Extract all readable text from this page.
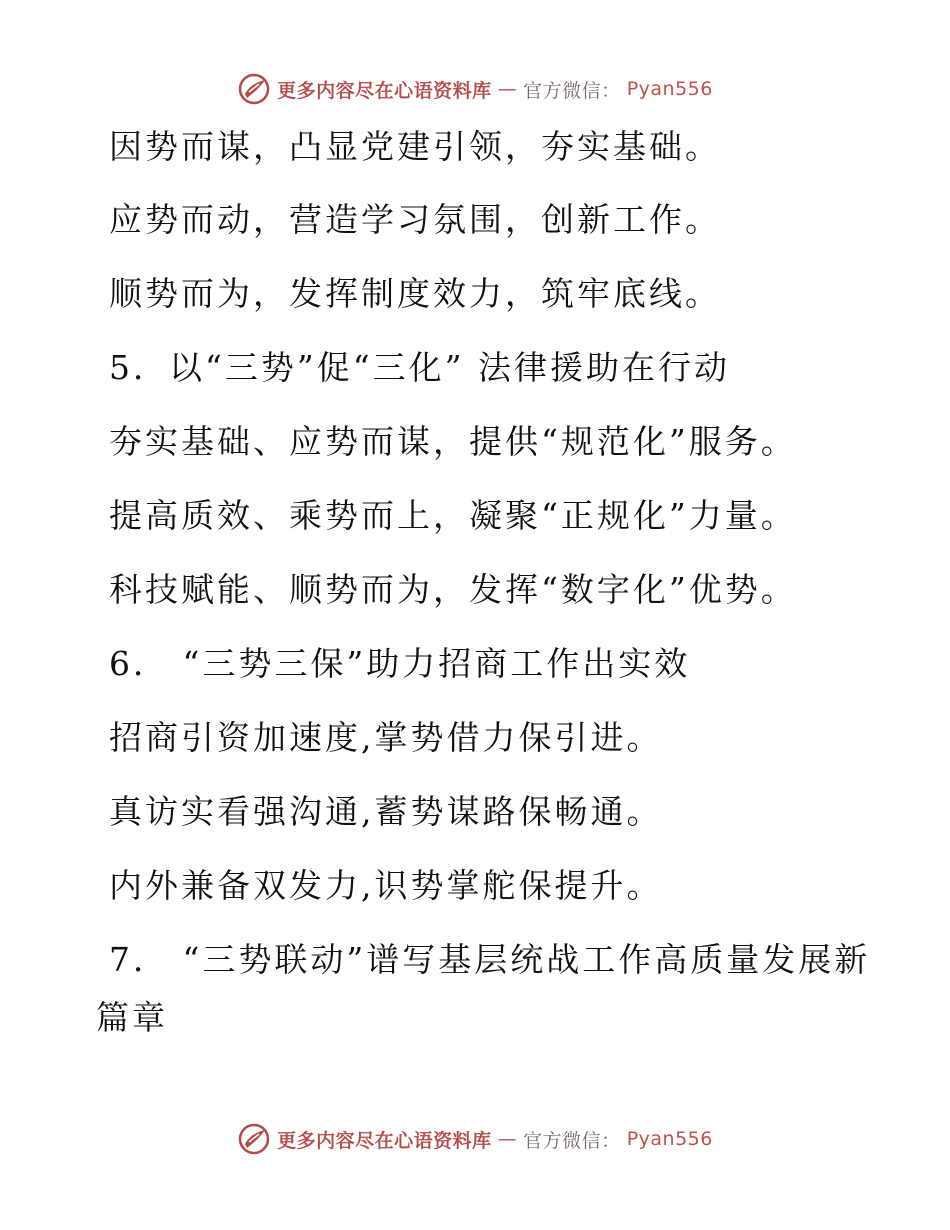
更多内容尽在心语资料库 — 官方微信： Pyan556
因势而谋，凸显党建引领，夯实基础。
应势而动，营造学习氛围，创新工作。
顺势而为，发挥制度效力，筑牢底线。
5．以“三势”促“三化” 法律援助在行动
夯实基础、应势而谋，提供“规范化”服务。
提高质效、乘势而上，凝聚“正规化”力量。
科技赋能、顺势而为，发挥“数字化”优势。
6． “三势三保”助力招商工作出实效
招商引资加速度,掌势借力保引进。
真访实看强沟通,蓄势谋路保畅通。
内外兼备双发力,识势掌舵保提升。
7． “三势联动”谱写基层统战工作高质量发展新
篇章
更多内容尽在心语资料库 — 官方微信： Pyan556
